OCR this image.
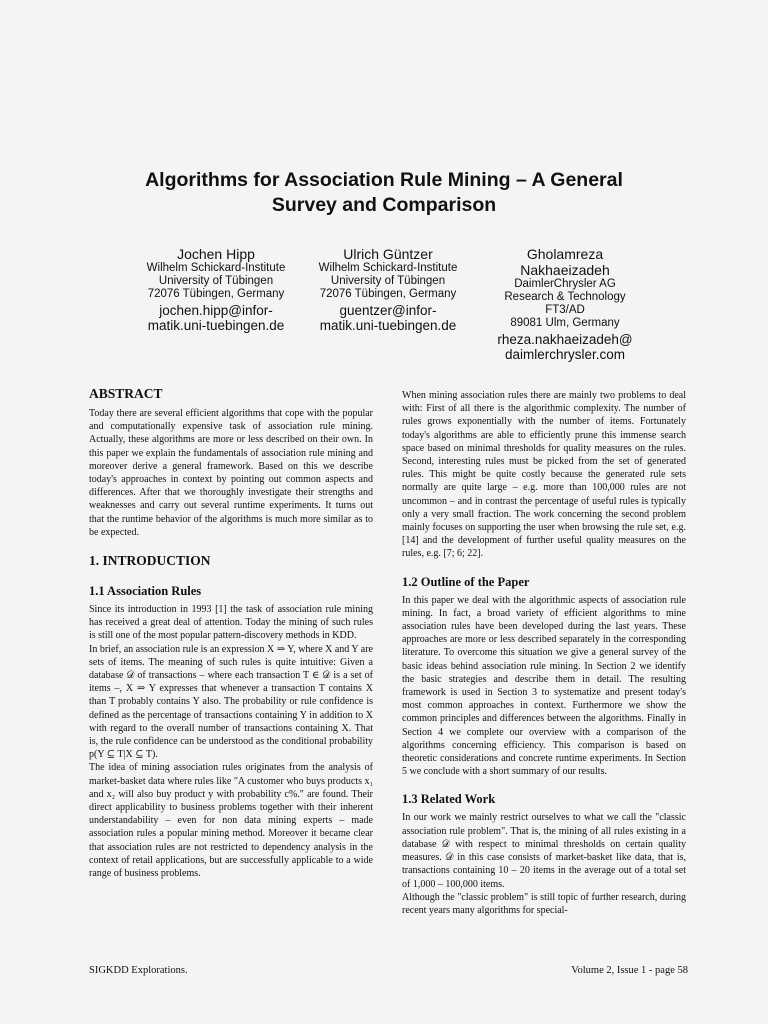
Algorithms for Association Rule Mining – A General
Survey and Comparison
Jochen Hipp
Wilhelm Schickard-Institute
University of Tübingen
72076 Tübingen, Germany
jochen.hipp@infor-
matik.uni-tuebingen.de
Ulrich Güntzer
Wilhelm Schickard-Institute
University of Tübingen
72076 Tübingen, Germany
guentzer@infor-
matik.uni-tuebingen.de
Gholamreza
Nakhaeizadeh
DaimlerChrysler AG
Research & Technology
FT3/AD
89081 Ulm, Germany
rheza.nakhaeizadeh@
daimlerchrysler.com
ABSTRACT

Today there are several efficient algorithms that cope with the popular and computationally expensive task of association rule mining. Actually, these algorithms are more or less described on their own. In this paper we explain the fundamentals of association rule mining and moreover derive a general framework. Based on this we describe today's approaches in context by pointing out common aspects and differences. After that we thoroughly investigate their strengths and weaknesses and carry out several runtime experiments. It turns out that the runtime behavior of the algorithms is much more similar as to be expected.

1. INTRODUCTION
1.1 Association Rules

Since its introduction in 1993 [1] the task of association rule mining has received a great deal of attention. Today the mining of such rules is still one of the most popular pattern-discovery methods in KDD.

In brief, an association rule is an expression X ⇒ Y, where X and Y are sets of items. The meaning of such rules is quite intuitive: Given a database 𝒟 of transactions – where each transaction T ∈ 𝒟 is a set of items –, X ⇒ Y expresses that whenever a transaction T contains X than T probably contains Y also. The probability or rule confidence is defined as the percentage of transactions containing Y in addition to X with regard to the overall number of transactions containing X. That is, the rule confidence can be understood as the conditional probability p(Y ⊆ T|X ⊆ T).

The idea of mining association rules originates from the analysis of market-basket data where rules like "A customer who buys products x₁ and x₂ will also buy product y with probability c%." are found. Their direct applicability to business problems together with their inherent understandability – even for non data mining experts – made association rules a popular mining method. Moreover it became clear that association rules are not restricted to dependency analysis in the context of retail applications, but are successfully applicable to a wide range of business problems.

When mining association rules there are mainly two problems to deal with: First of all there is the algorithmic complexity. The number of rules grows exponentially with the number of items. Fortunately today's algorithms are able to efficiently prune this immense search space based on minimal thresholds for quality measures on the rules. Second, interesting rules must be picked from the set of generated rules. This might be quite costly because the generated rule sets normally are quite large – e.g. more than 100,000 rules are not uncommon – and in contrast the percentage of useful rules is typically only a very small fraction. The work concerning the second problem mainly focuses on supporting the user when browsing the rule set, e.g. [14] and the development of further useful quality measures on the rules, e.g. [7; 6; 22].

1.2 Outline of the Paper

In this paper we deal with the algorithmic aspects of association rule mining. In fact, a broad variety of efficient algorithms to mine association rules have been developed during the last years. These approaches are more or less described separately in the corresponding literature. To overcome this situation we give a general survey of the basic ideas behind association rule mining. In Section 2 we identify the basic strategies and describe them in detail. The resulting framework is used in Section 3 to systematize and present today's most common approaches in context. Furthermore we show the common principles and differences between the algorithms. Finally in Section 4 we complete our overview with a comparison of the algorithms concerning efficiency. This comparison is based on theoretic considerations and concrete runtime experiments. In Section 5 we conclude with a short summary of our results.

1.3 Related Work

In our work we mainly restrict ourselves to what we call the "classic association rule problem". That is, the mining of all rules existing in a database 𝒟 with respect to minimal thresholds on certain quality measures. 𝒟 in this case consists of market-basket like data, that is, transactions containing 10 – 20 items in the average out of a total set of 1,000 – 100,000 items.

Although the "classic problem" is still topic of further research, during recent years many algorithms for special-

SIGKDD Explorations.	Volume 2, Issue 1 - page 58
